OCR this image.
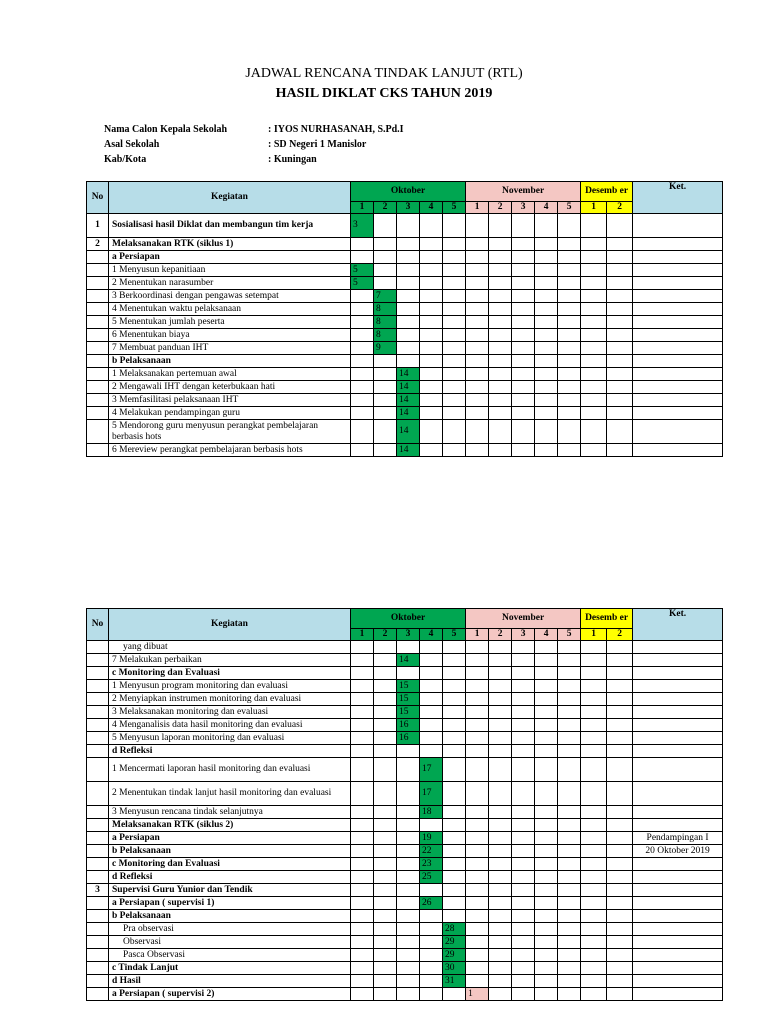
JADWAL RENCANA TINDAK LANJUT (RTL)
HASIL DIKLAT CKS TAHUN 2019
Nama Calon Kepala Sekolah	: IYOS NURHASANAH, S.Pd.I
Asal Sekolah	: SD Negeri 1 Manislor
Kab/Kota	: Kuningan
No	Kegiatan	Oktober					November					Desemb er		Ket.
		1	2	3	4	5	1	2	3	4	5	1	2	
1	Sosialisasi hasil Diklat dan membangun tim kerja	3												
2	Melaksanakan RTK (siklus 1)													
	a Persiapan													
	1 Menyusun kepanitiaan	5												
	2 Menentukan narasumber	5												
	3 Berkoordinasi dengan pengawas setempat		7											
	4 Menentukan waktu pelaksanaan		8											
	5 Menentukan jumlah peserta		8											
	6 Menentukan biaya		8											
	7 Membuat panduan IHT		9											
	b Pelaksanaan													
	1 Melaksanakan pertemuan awal			14										
	2 Mengawali IHT dengan keterbukaan hati			14										
	3 Memfasilitasi pelaksanaan IHT			14										
	4 Melakukan pendampingan guru			14										
	5 Mendorong guru menyusun perangkat pembelajaran berbasis hots			14										
	6 Mereview perangkat pembelajaran berbasis hots			14										
No	Kegiatan	Oktober					November					Desemb er		Ket.
		1	2	3	4	5	1	2	3	4	5	1	2	
	yang dibuat													
	7 Melakukan perbaikan			14										
	c Monitoring dan Evaluasi													
	1 Menyusun program monitoring dan evaluasi			15										
	2 Menyiapkan instrumen monitoring dan evaluasi			15										
	3 Melaksanakan monitoring dan evaluasi			15										
	4 Menganalisis data hasil monitoring dan evaluasi			16										
	5 Menyusun laporan monitoring dan evaluasi			16										
	d Refleksi													
	1 Mencermati laporan hasil monitoring dan evaluasi				17									
	2 Menentukan tindak lanjut hasil monitoring dan evaluasi				17									
	3 Menyusun rencana tindak selanjutnya				18									
	Melaksanakan RTK (siklus 2)													
	a Persiapan				19									Pendampingan I
	b Pelaksanaan				22									20 Oktober 2019
	c Monitoring dan Evaluasi				23									
	d Refleksi				25									
3	Supervisi Guru Yunior dan Tendik													
	a Persiapan ( supervisi 1)				26									
	b Pelaksanaan													
	Pra observasi					28								
	Observasi					29								
	Pasca Observasi					29								
	c Tindak Lanjut					30								
	d Hasil					31								
	a Persiapan ( supervisi 2)						1							
